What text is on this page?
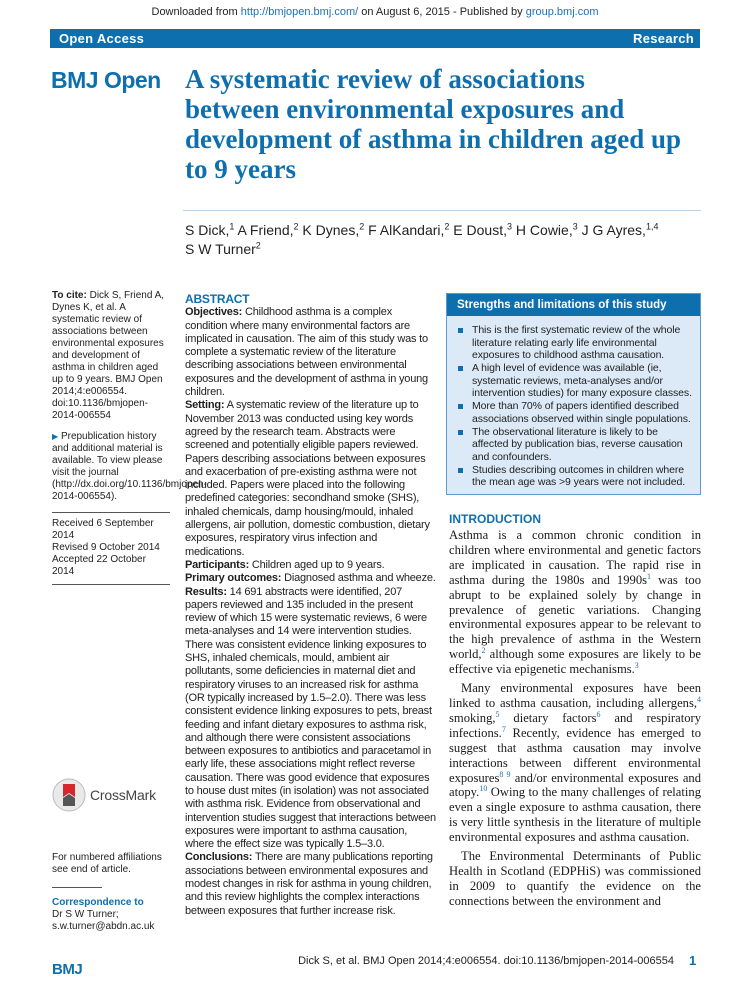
Downloaded from http://bmjopen.bmj.com/ on August 6, 2015 - Published by group.bmj.com
Open Access	Research
BMJ Open A systematic review of associations between environmental exposures and development of asthma in children aged up to 9 years
S Dick,$^1$ A Friend,$^2$ K Dynes,$^2$ F AlKandari,$^2$ E Doust,$^3$ H Cowie,$^3$ J G Ayres,$^{1,4}$
S W Turner$^2$
To cite: Dick S, Friend A, Dynes K, et al. A systematic review of associations between environmental exposures and development of asthma in children aged up to 9 years. BMJ Open 2014;4:e006554. doi:10.1136/bmjopen-2014-006554
▶ Prepublication history and additional material is available. To view please visit the journal (http://dx.doi.org/10.1136/bmjopen-2014-006554).
Received 6 September 2014
Revised 9 October 2014
Accepted 22 October 2014
CrossMark
For numbered affiliations see end of article.
Correspondence to
Dr S W Turner;
s.w.turner@abdn.ac.uk
ABSTRACT

Objectives: Childhood asthma is a complex condition where many environmental factors are implicated in causation. The aim of this study was to complete a systematic review of the literature describing associations between environmental exposures and the development of asthma in young children.

Setting: A systematic review of the literature up to November 2013 was conducted using key words agreed by the research team. Abstracts were screened and potentially eligible papers reviewed. Papers describing associations between exposures and exacerbation of pre-existing asthma were not included. Papers were placed into the following predefined categories: secondhand smoke (SHS), inhaled chemicals, damp housing/mould, inhaled allergens, air pollution, domestic combustion, dietary exposures, respiratory virus infection and medications.

Participants: Children aged up to 9 years.

Primary outcomes: Diagnosed asthma and wheeze.

Results: 14 691 abstracts were identified, 207 papers reviewed and 135 included in the present review of which 15 were systematic reviews, 6 were meta-analyses and 14 were intervention studies. There was consistent evidence linking exposures to SHS, inhaled chemicals, mould, ambient air pollutants, some deficiencies in maternal diet and respiratory viruses to an increased risk for asthma (OR typically increased by 1.5–2.0). There was less consistent evidence linking exposures to pets, breast feeding and infant dietary exposures to asthma risk, and although there were consistent associations between exposures to antibiotics and paracetamol in early life, these associations might reflect reverse causation. There was good evidence that exposures to house dust mites (in isolation) was not associated with asthma risk. Evidence from observational and intervention studies suggest that interactions between exposures were important to asthma causation, where the effect size was typically 1.5–3.0.

Conclusions: There are many publications reporting associations between environmental exposures and modest changes in risk for asthma in young children, and this review highlights the complex interactions between exposures that further increase risk.

Strengths and limitations of this study
This is the first systematic review of the whole literature relating early life environmental exposures to childhood asthma causation.
A high level of evidence was available (ie, systematic reviews, meta-analyses and/or intervention studies) for many exposure classes.
More than 70% of papers identified described associations observed within single populations.
The observational literature is likely to be affected by publication bias, reverse causation and confounders.
Studies describing outcomes in children where the mean age was >9 years were not included.
INTRODUCTION

Asthma is a common chronic condition in children where environmental and genetic factors are implicated in causation. The rapid rise in asthma during the 1980s and $1990s^1$ was too abrupt to be explained solely by change in prevalence of genetic variations. Changing environmental exposures appear to be relevant to the high prevalence of asthma in the Western world,$^2$ although some exposures are likely to be effective via epigenetic mechanisms.$^3$

Many environmental exposures have been linked to asthma causation, including allergens,$^4$ smoking,$^5$ dietary factors$^6$ and respiratory infections.$^7$ Recently, evidence has emerged to suggest that asthma causation may involve interactions between different environmental exposures$^{8 9}$ and/or environmental exposures and atopy.$^{10}$ Owing to the many challenges of relating even a single exposure to asthma causation, there is very little synthesis in the literature of multiple environmental exposures and asthma causation.

The Environmental Determinants of Public Health in Scotland (EDPHiS) was commissioned in 2009 to quantify the evidence on the connections between the environment and

BMJ	Dick S, et al. BMJ Open 2014;4:e006554. doi:10.1136/bmjopen-2014-006554	1
